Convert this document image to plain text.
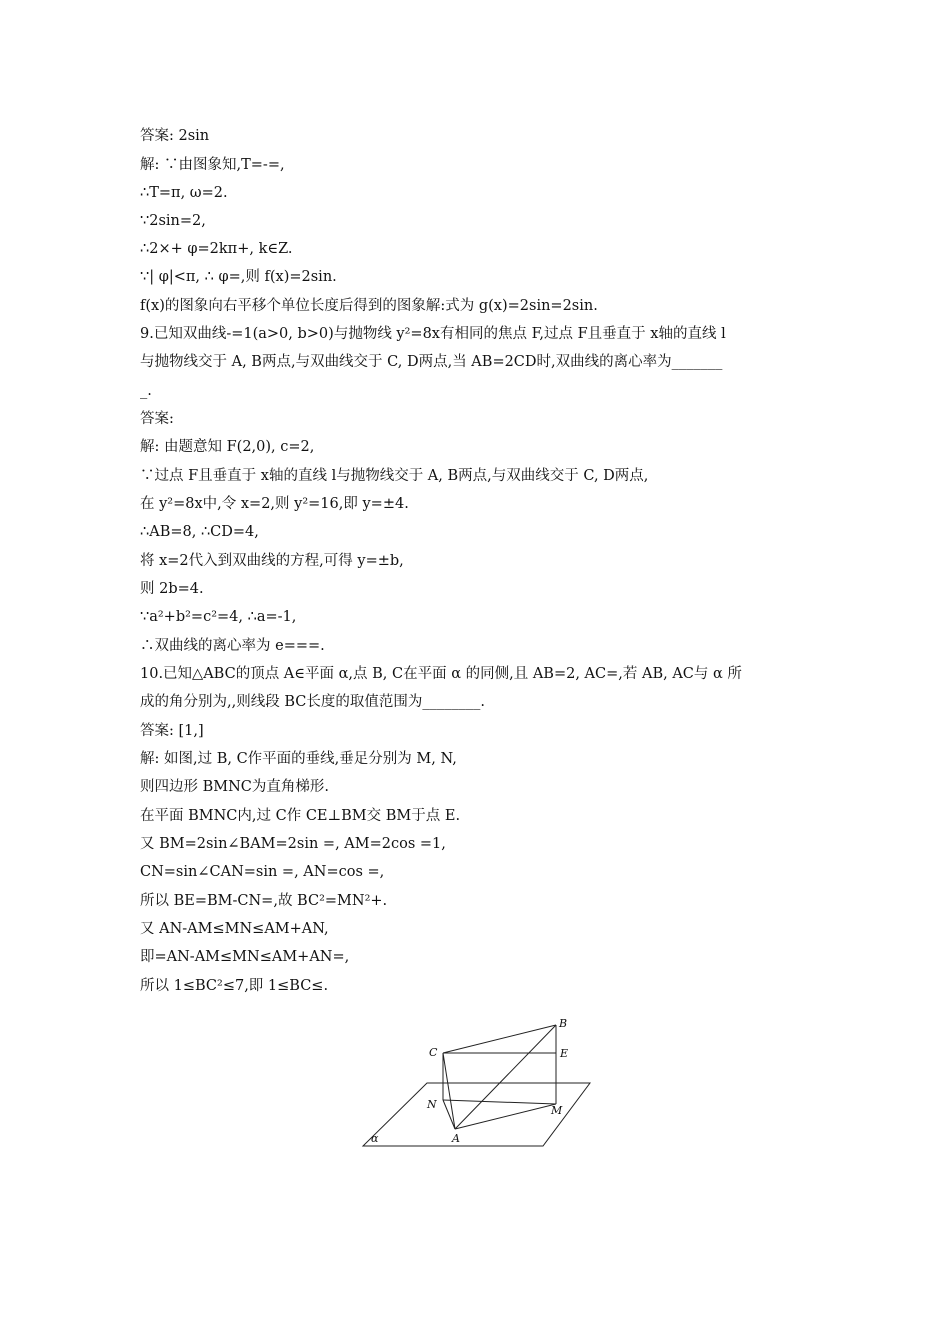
答案: 2sin
解: ∵由图象知,T=-=,
∴T=π, ω=2.
∵2sin=2,
∴2×+ φ=2kπ+, k∈Z.
∵| φ|<π, ∴ φ=,则 f(x)=2sin.
f(x)的图象向右平移个单位长度后得到的图象解:式为 g(x)=2sin=2sin.
9.已知双曲线-=1(a>0, b>0)与抛物线 y²=8x有相同的焦点 F,过点 F且垂直于 x轴的直线 l
与抛物线交于 A, B两点,与双曲线交于 C, D两点,当 AB=2CD时,双曲线的离心率为_______
_.
答案:
解: 由题意知 F(2,0), c=2,
∵过点 F且垂直于 x轴的直线 l与抛物线交于 A, B两点,与双曲线交于 C, D两点,
在 y²=8x中,令 x=2,则 y²=16,即 y=±4.
∴AB=8, ∴CD=4,
将 x=2代入到双曲线的方程,可得 y=±b,
则 2b=4.
∵a²+b²=c²=4, ∴a=-1,
∴双曲线的离心率为 e===.
10.已知△ABC的顶点 A∈平面 α,点 B, C在平面 α 的同侧,且 AB=2, AC=,若 AB, AC与 α 所
成的角分别为,,则线段 BC长度的取值范围为________.
答案: [1,]
解: 如图,过 B, C作平面的垂线,垂足分别为 M, N,
则四边形 BMNC为直角梯形.
在平面 BMNC内,过 C作 CE⊥BM交 BM于点 E.
又 BM=2sin∠BAM=2sin =, AM=2cos =1,
CN=sin∠CAN=sin =, AN=cos =,
所以 BE=BM-CN=,故 BC²=MN²+.
又 AN-AM≤MN≤AM+AN,
即=AN-AM≤MN≤AM+AN=,
所以 1≤BC²≤7,即 1≤BC≤.
B
C	E
N	M
A
α
